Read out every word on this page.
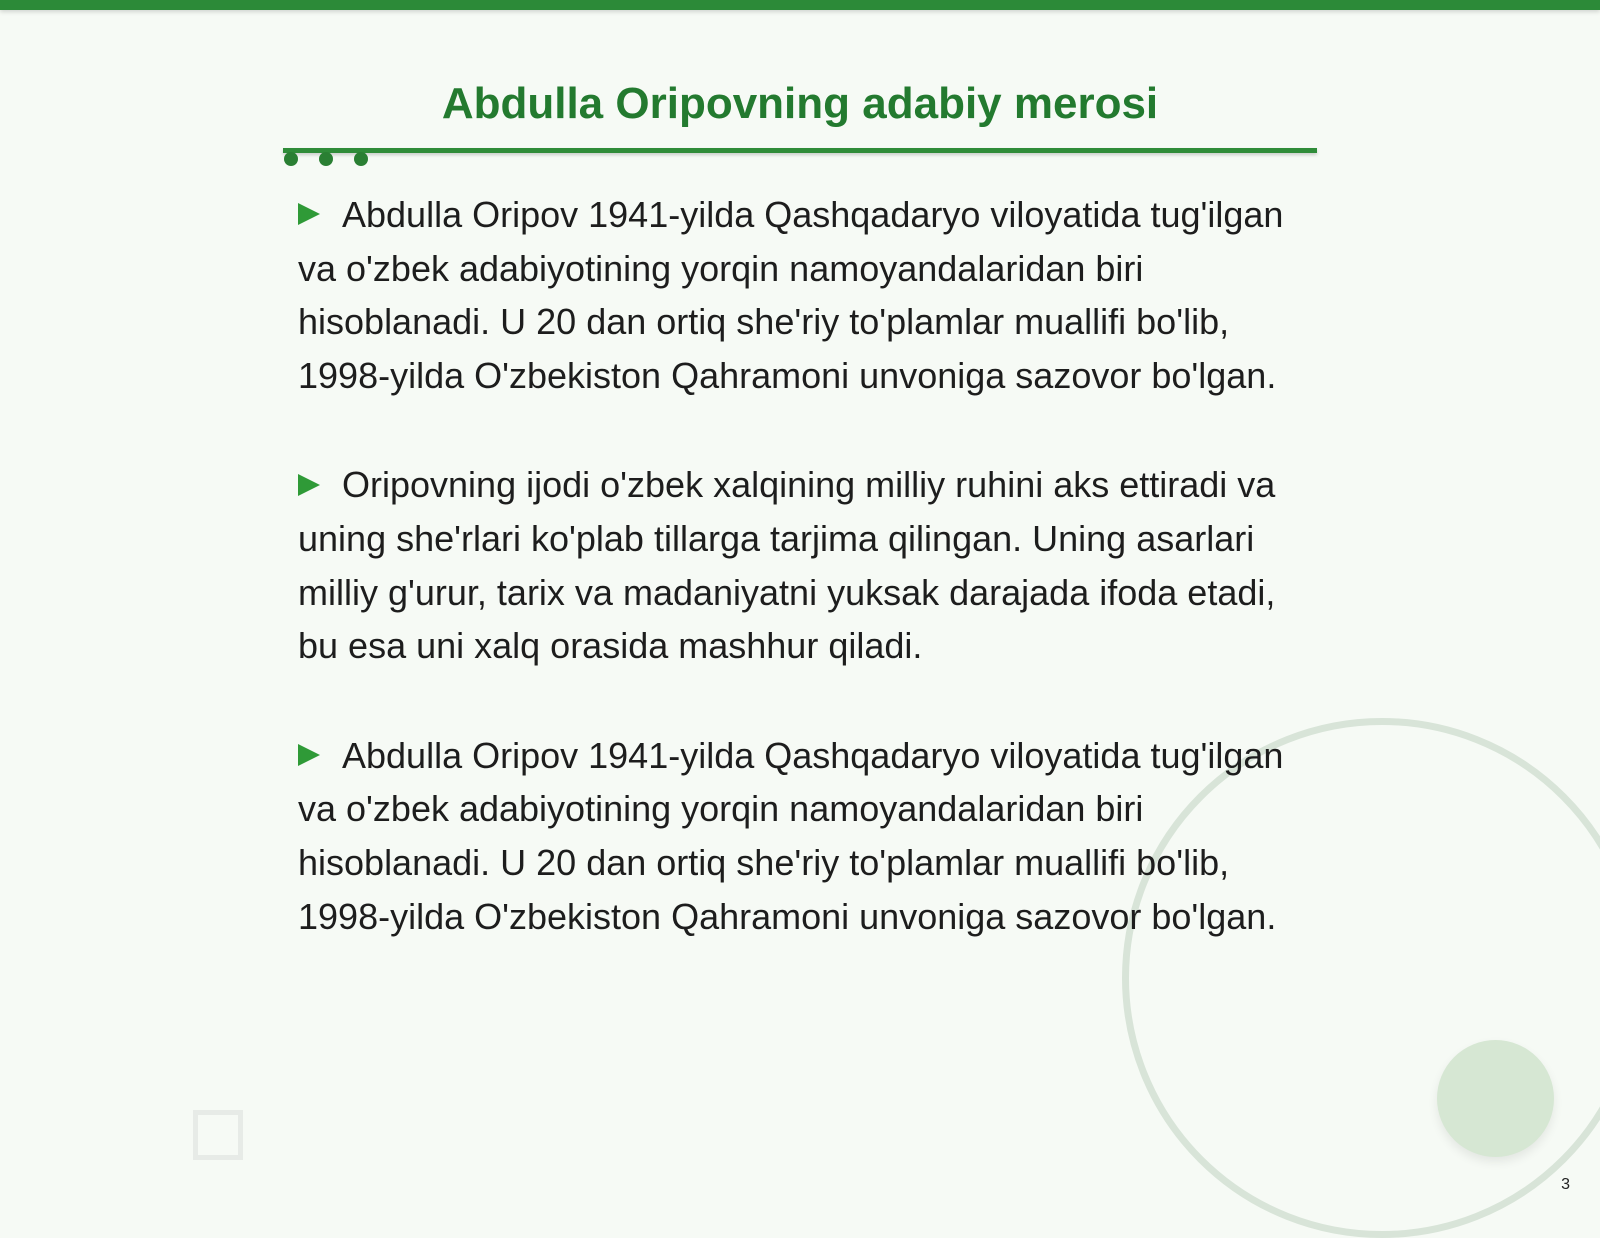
Abdulla Oripovning adabiy merosi

Abdulla Oripov 1941-yilda Qashqadaryo viloyatida tug'ilgan va o'zbek adabiyotining yorqin namoyandalaridan biri hisoblanadi. U 20 dan ortiq she'riy to'plamlar muallifi bo'lib, 1998-yilda O'zbekiston Qahramoni unvoniga sazovor bo'lgan.

Oripovning ijodi o'zbek xalqining milliy ruhini aks ettiradi va uning she'rlari ko'plab tillarga tarjima qilingan. Uning asarlari milliy g'urur, tarix va madaniyatni yuksak darajada ifoda etadi, bu esa uni xalq orasida mashhur qiladi.

Abdulla Oripov 1941-yilda Qashqadaryo viloyatida tug'ilgan va o'zbek adabiyotining yorqin namoyandalaridan biri hisoblanadi. U 20 dan ortiq she'riy to'plamlar muallifi bo'lib, 1998-yilda O'zbekiston Qahramoni unvoniga sazovor bo'lgan.

3
